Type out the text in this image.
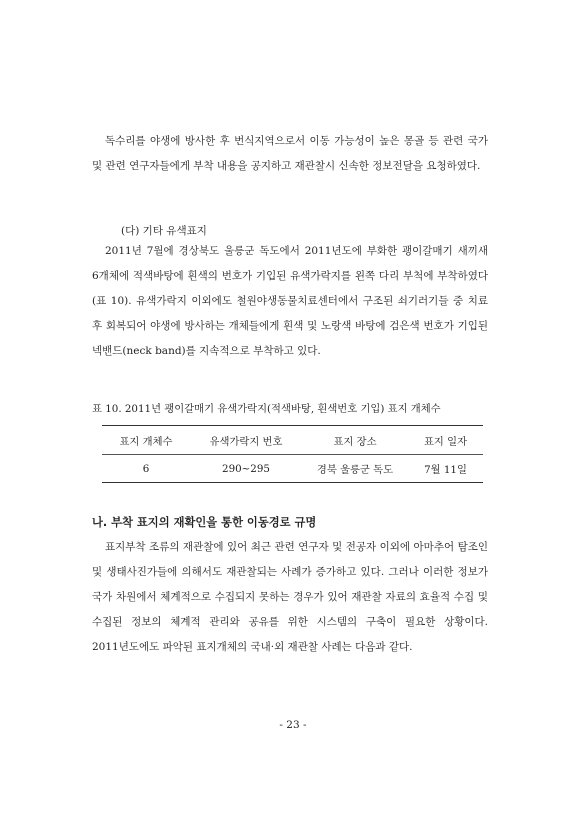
독수리를 야생에 방사한 후 번식지역으로서 이동 가능성이 높은 몽골 등 관련 국가 및 관련 연구자들에게 부착 내용을 공지하고 재관찰시 신속한 정보전달을 요청하였다.

(다) 기타 유색표지

2011년 7월에 경상북도 울릉군 독도에서 2011년도에 부화한 괭이갈매기 새끼새 6개체에 적색바탕에 흰색의 번호가 기입된 유색가락지를 왼쪽 다리 부척에 부착하였다(표 10). 유색가락지 이외에도 철원야생동물치료센터에서 구조된 쇠기러기들 중 치료 후 회복되어 야생에 방사하는 개체들에게 흰색 및 노랑색 바탕에 검은색 번호가 기입된 넥밴드(neck band)를 지속적으로 부착하고 있다.

표 10. 2011년 괭이갈매기 유색가락지(적색바탕, 흰색번호 기입) 표지 개체수
표지 개체수	유색가락지 번호	표지 장소	표지 일자
6	290~295	경북 울릉군 독도	7월 11일
나. 부착 표지의 재확인을 통한 이동경로 규명

표지부착 조류의 재관찰에 있어 최근 관련 연구자 및 전공자 이외에 아마추어 탐조인 및 생태사진가들에 의해서도 재관찰되는 사례가 증가하고 있다. 그러나 이러한 정보가 국가 차원에서 체계적으로 수집되지 못하는 경우가 있어 재관찰 자료의 효율적 수집 및 수집된 정보의 체계적 관리와 공유를 위한 시스템의 구축이 필요한 상황이다. 2011년도에도 파악된 표지개체의 국내·외 재관찰 사례는 다음과 같다.

- 23 -
